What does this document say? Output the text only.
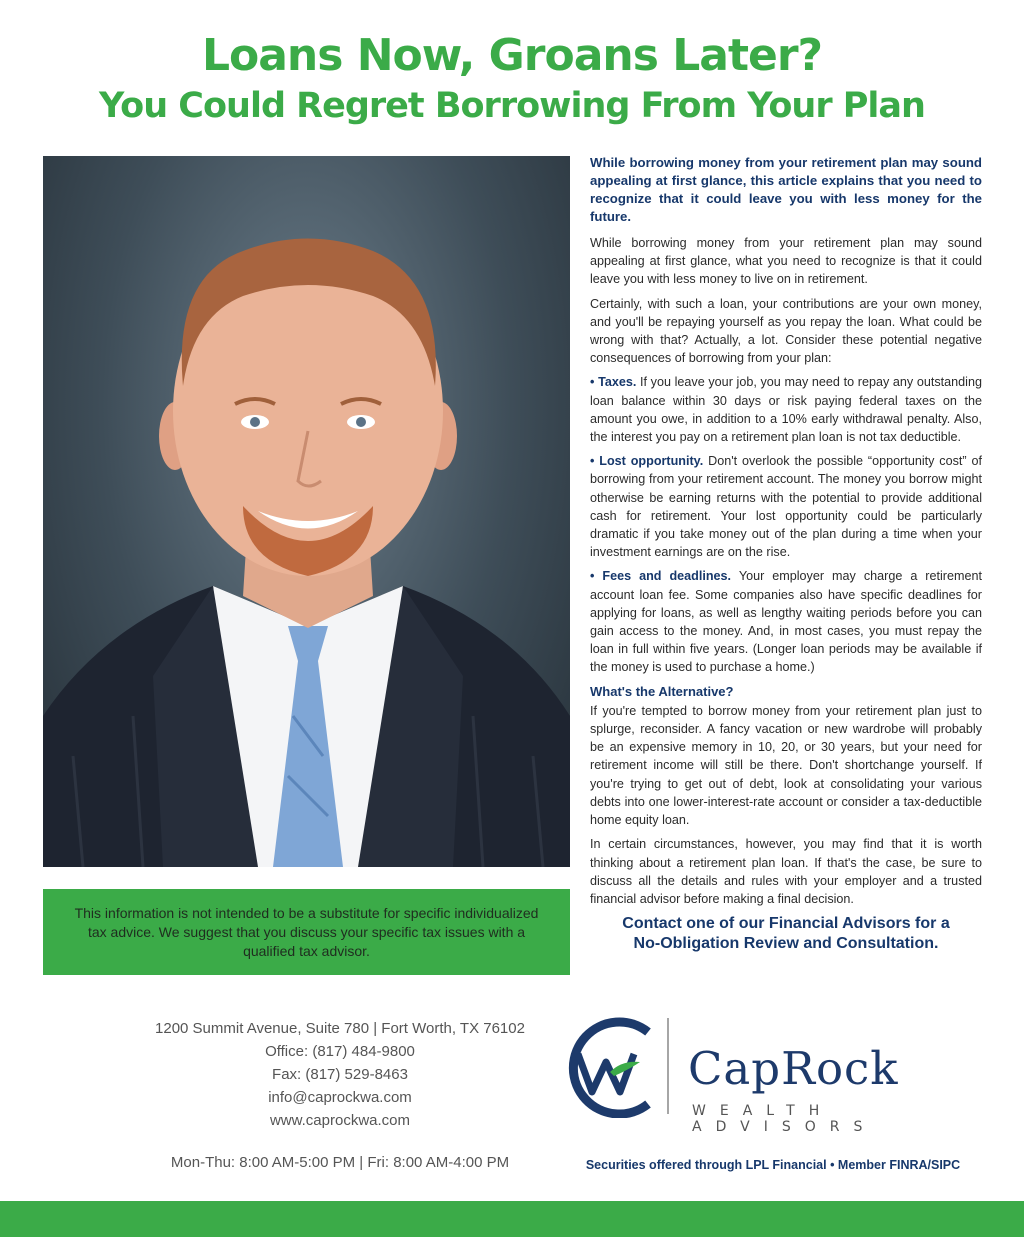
Loans Now, Groans Later?
You Could Regret Borrowing From Your Plan
This information is not intended to be a substitute for specific individualized tax advice. We suggest that you discuss your specific tax issues with a qualified tax advisor.

While borrowing money from your retirement plan may sound appealing at first glance, this article explains that you need to recognize that it could leave you with less money for the future.

While borrowing money from your retirement plan may sound appealing at first glance, what you need to recognize is that it could leave you with less money to live on in retirement.

Certainly, with such a loan, your contributions are your own money, and you'll be repaying yourself as you repay the loan. What could be wrong with that? Actually, a lot. Consider these potential negative consequences of borrowing from your plan:

• Taxes. If you leave your job, you may need to repay any outstanding loan balance within 30 days or risk paying federal taxes on the amount you owe, in addition to a 10% early withdrawal penalty. Also, the interest you pay on a retirement plan loan is not tax deductible.

• Lost opportunity. Don't overlook the possible “opportunity cost” of borrowing from your retirement account. The money you borrow might otherwise be earning returns with the potential to provide additional cash for retirement. Your lost opportunity could be particularly dramatic if you take money out of the plan during a time when your investment earnings are on the rise.

• Fees and deadlines. Your employer may charge a retirement account loan fee. Some companies also have specific deadlines for applying for loans, as well as lengthy waiting periods before you can gain access to the money. And, in most cases, you must repay the loan in full within five years. (Longer loan periods may be available if the money is used to purchase a home.)

What's the Alternative?

If you're tempted to borrow money from your retirement plan just to splurge, reconsider. A fancy vacation or new wardrobe will probably be an expensive memory in 10, 20, or 30 years, but your need for retirement income will still be there. Don't shortchange yourself. If you're trying to get out of debt, look at consolidating your various debts into one lower-interest-rate account or consider a tax-deductible home equity loan.

In certain circumstances, however, you may find that it is worth thinking about a retirement plan loan. If that's the case, be sure to discuss all the details and rules with your employer and a trusted financial advisor before making a final decision.

Contact one of our Financial Advisors for a
No-Obligation Review and Consultation.
1200 Summit Avenue, Suite 780 | Fort Worth, TX 76102
Office: (817) 484-9800
Fax: (817) 529-8463
info@caprockwa.com
www.caprockwa.com
Mon-Thu: 8:00 AM-5:00 PM | Fri: 8:00 AM-4:00 PM
CapRock
WEALTH ADVISORS
Securities offered through LPL Financial • Member FINRA/SIPC
